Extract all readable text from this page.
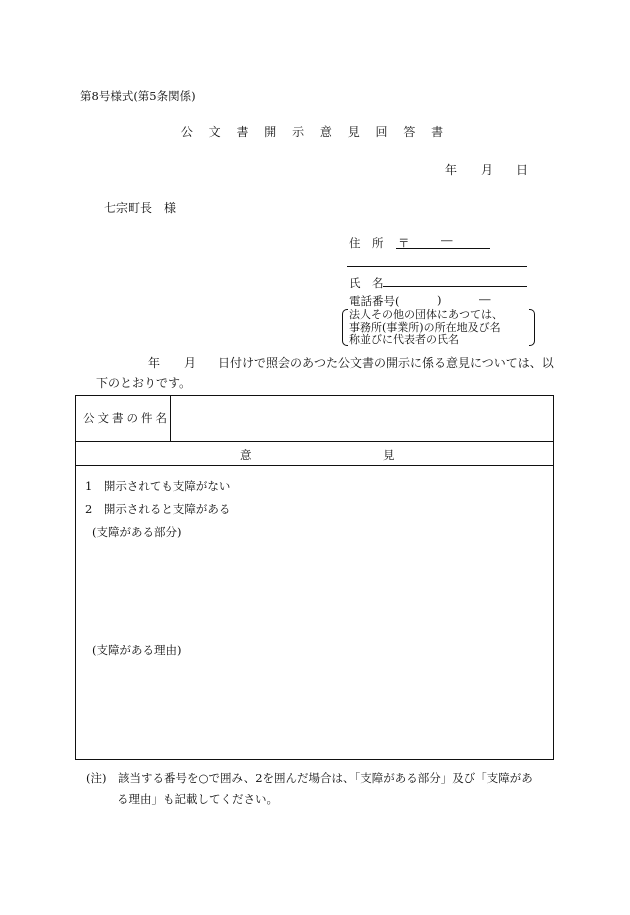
第8号様式(第5条関係)
公 文 書 開 示 意 見 回 答 書
年 月 日
七宗町長　様
住　所 〒	―
氏　名
電話番号(	)	―
法人その他の団体にあつては、
事務所(事業所)の所在地及び名
称並びに代表者の氏名
年 月 日付けで照会のあつた公文書の開示に係る意見については、以
下のとおりです。
公文書の件名
意	見
1　開示されても支障がない
2　開示されると支障がある
(支障がある部分)
(支障がある理由)
(注)　該当する番号を○で囲み、2を囲んだ場合は、「支障がある部分」及び「支障があ
る理由」も記載してください。
